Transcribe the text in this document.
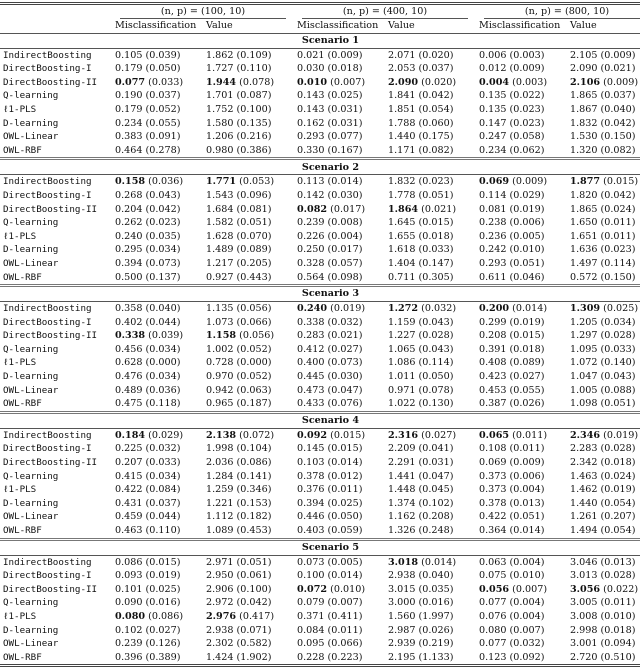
	(n, p) = (100, 10)		(n, p) = (400, 10)		(n, p) = (800, 10)	

	Misclassification	Value	Misclassification	Value	Misclassification	Value
Scenario 1						
IndirectBoosting	0.105 (0.039)	1.862 (0.109)	0.021 (0.009)	2.071 (0.020)	0.006 (0.003)	2.105 (0.009)
DirectBoosting-I	0.179 (0.050)	1.727 (0.110)	0.030 (0.018)	2.053 (0.037)	0.012 (0.009)	2.090 (0.021)
DirectBoosting-II	0.077 (0.033)	1.944 (0.078)	0.010 (0.007)	2.090 (0.020)	0.004 (0.003)	2.106 (0.009)
Q-learning	0.190 (0.037)	1.701 (0.087)	0.143 (0.025)	1.841 (0.042)	0.135 (0.022)	1.865 (0.037)
ℓ1-PLS	0.179 (0.052)	1.752 (0.100)	0.143 (0.031)	1.851 (0.054)	0.135 (0.023)	1.867 (0.040)
D-learning	0.234 (0.055)	1.580 (0.135)	0.162 (0.031)	1.788 (0.060)	0.147 (0.023)	1.832 (0.042)
OWL-Linear	0.383 (0.091)	1.206 (0.216)	0.293 (0.077)	1.440 (0.175)	0.247 (0.058)	1.530 (0.150)
OWL-RBF	0.464 (0.278)	0.980 (0.386)	0.330 (0.167)	1.171 (0.082)	0.234 (0.062)	1.320 (0.082)
Scenario 2						
IndirectBoosting	0.158 (0.036)	1.771 (0.053)	0.113 (0.014)	1.832 (0.023)	0.069 (0.009)	1.877 (0.015)
DirectBoosting-I	0.268 (0.043)	1.543 (0.096)	0.142 (0.030)	1.778 (0.051)	0.114 (0.029)	1.820 (0.042)
DirectBoosting-II	0.204 (0.042)	1.684 (0.081)	0.082 (0.017)	1.864 (0.021)	0.081 (0.019)	1.865 (0.024)
Q-learning	0.262 (0.023)	1.582 (0.051)	0.239 (0.008)	1.645 (0.015)	0.238 (0.006)	1.650 (0.011)
ℓ1-PLS	0.240 (0.035)	1.628 (0.070)	0.226 (0.004)	1.655 (0.018)	0.236 (0.005)	1.651 (0.011)
D-learning	0.295 (0.034)	1.489 (0.089)	0.250 (0.017)	1.618 (0.033)	0.242 (0.010)	1.636 (0.023)
OWL-Linear	0.394 (0.073)	1.217 (0.205)	0.328 (0.057)	1.404 (0.147)	0.293 (0.051)	1.497 (0.114)
OWL-RBF	0.500 (0.137)	0.927 (0.443)	0.564 (0.098)	0.711 (0.305)	0.611 (0.046)	0.572 (0.150)
Scenario 3						
IndirectBoosting	0.358 (0.040)	1.135 (0.056)	0.240 (0.019)	1.272 (0.032)	0.200 (0.014)	1.309 (0.025)
DirectBoosting-I	0.402 (0.044)	1.073 (0.066)	0.338 (0.032)	1.159 (0.043)	0.299 (0.019)	1.205 (0.034)
DirectBoosting-II	0.338 (0.039)	1.158 (0.056)	0.283 (0.021)	1.227 (0.028)	0.208 (0.015)	1.297 (0.028)
Q-learning	0.456 (0.034)	1.002 (0.052)	0.412 (0.027)	1.065 (0.043)	0.391 (0.018)	1.095 (0.033)
ℓ1-PLS	0.628 (0.000)	0.728 (0.000)	0.400 (0.073)	1.086 (0.114)	0.408 (0.089)	1.072 (0.140)
D-learning	0.476 (0.034)	0.970 (0.052)	0.445 (0.030)	1.011 (0.050)	0.423 (0.027)	1.047 (0.043)
OWL-Linear	0.489 (0.036)	0.942 (0.063)	0.473 (0.047)	0.971 (0.078)	0.453 (0.055)	1.005 (0.088)
OWL-RBF	0.475 (0.118)	0.965 (0.187)	0.433 (0.076)	1.022 (0.130)	0.387 (0.026)	1.098 (0.051)
Scenario 4						
IndirectBoosting	0.184 (0.029)	2.138 (0.072)	0.092 (0.015)	2.316 (0.027)	0.065 (0.011)	2.346 (0.019)
DirectBoosting-I	0.225 (0.032)	1.998 (0.104)	0.145 (0.015)	2.209 (0.041)	0.108 (0.011)	2.283 (0.028)
DirectBoosting-II	0.207 (0.033)	2.036 (0.086)	0.103 (0.014)	2.291 (0.031)	0.069 (0.009)	2.342 (0.018)
Q-learning	0.415 (0.034)	1.284 (0.141)	0.378 (0.012)	1.441 (0.047)	0.373 (0.006)	1.463 (0.024)
ℓ1-PLS	0.422 (0.084)	1.259 (0.346)	0.376 (0.011)	1.448 (0.045)	0.373 (0.004)	1.462 (0.019)
D-learning	0.431 (0.037)	1.221 (0.153)	0.394 (0.025)	1.374 (0.102)	0.378 (0.013)	1.440 (0.054)
OWL-Linear	0.459 (0.044)	1.112 (0.182)	0.446 (0.050)	1.162 (0.208)	0.422 (0.051)	1.261 (0.207)
OWL-RBF	0.463 (0.110)	1.089 (0.453)	0.403 (0.059)	1.326 (0.248)	0.364 (0.014)	1.494 (0.054)
Scenario 5						
IndirectBoosting	0.086 (0.015)	2.971 (0.051)	0.073 (0.005)	3.018 (0.014)	0.063 (0.004)	3.046 (0.013)
DirectBoosting-I	0.093 (0.019)	2.950 (0.061)	0.100 (0.014)	2.938 (0.040)	0.075 (0.010)	3.013 (0.028)
DirectBoosting-II	0.101 (0.025)	2.906 (0.100)	0.072 (0.010)	3.015 (0.035)	0.056 (0.007)	3.056 (0.022)
Q-learning	0.090 (0.016)	2.972 (0.042)	0.079 (0.007)	3.000 (0.016)	0.077 (0.004)	3.005 (0.011)
ℓ1-PLS	0.080 (0.086)	2.976 (0.417)	0.371 (0.411)	1.560 (1.997)	0.076 (0.004)	3.008 (0.010)
D-learning	0.102 (0.027)	2.938 (0.071)	0.084 (0.011)	2.987 (0.026)	0.080 (0.007)	2.998 (0.018)
OWL-Linear	0.239 (0.126)	2.302 (0.582)	0.095 (0.066)	2.939 (0.219)	0.077 (0.032)	3.001 (0.094)
OWL-RBF	0.396 (0.389)	1.424 (1.902)	0.228 (0.223)	2.195 (1.133)	0.123 (0.092)	2.720 (0.510)
